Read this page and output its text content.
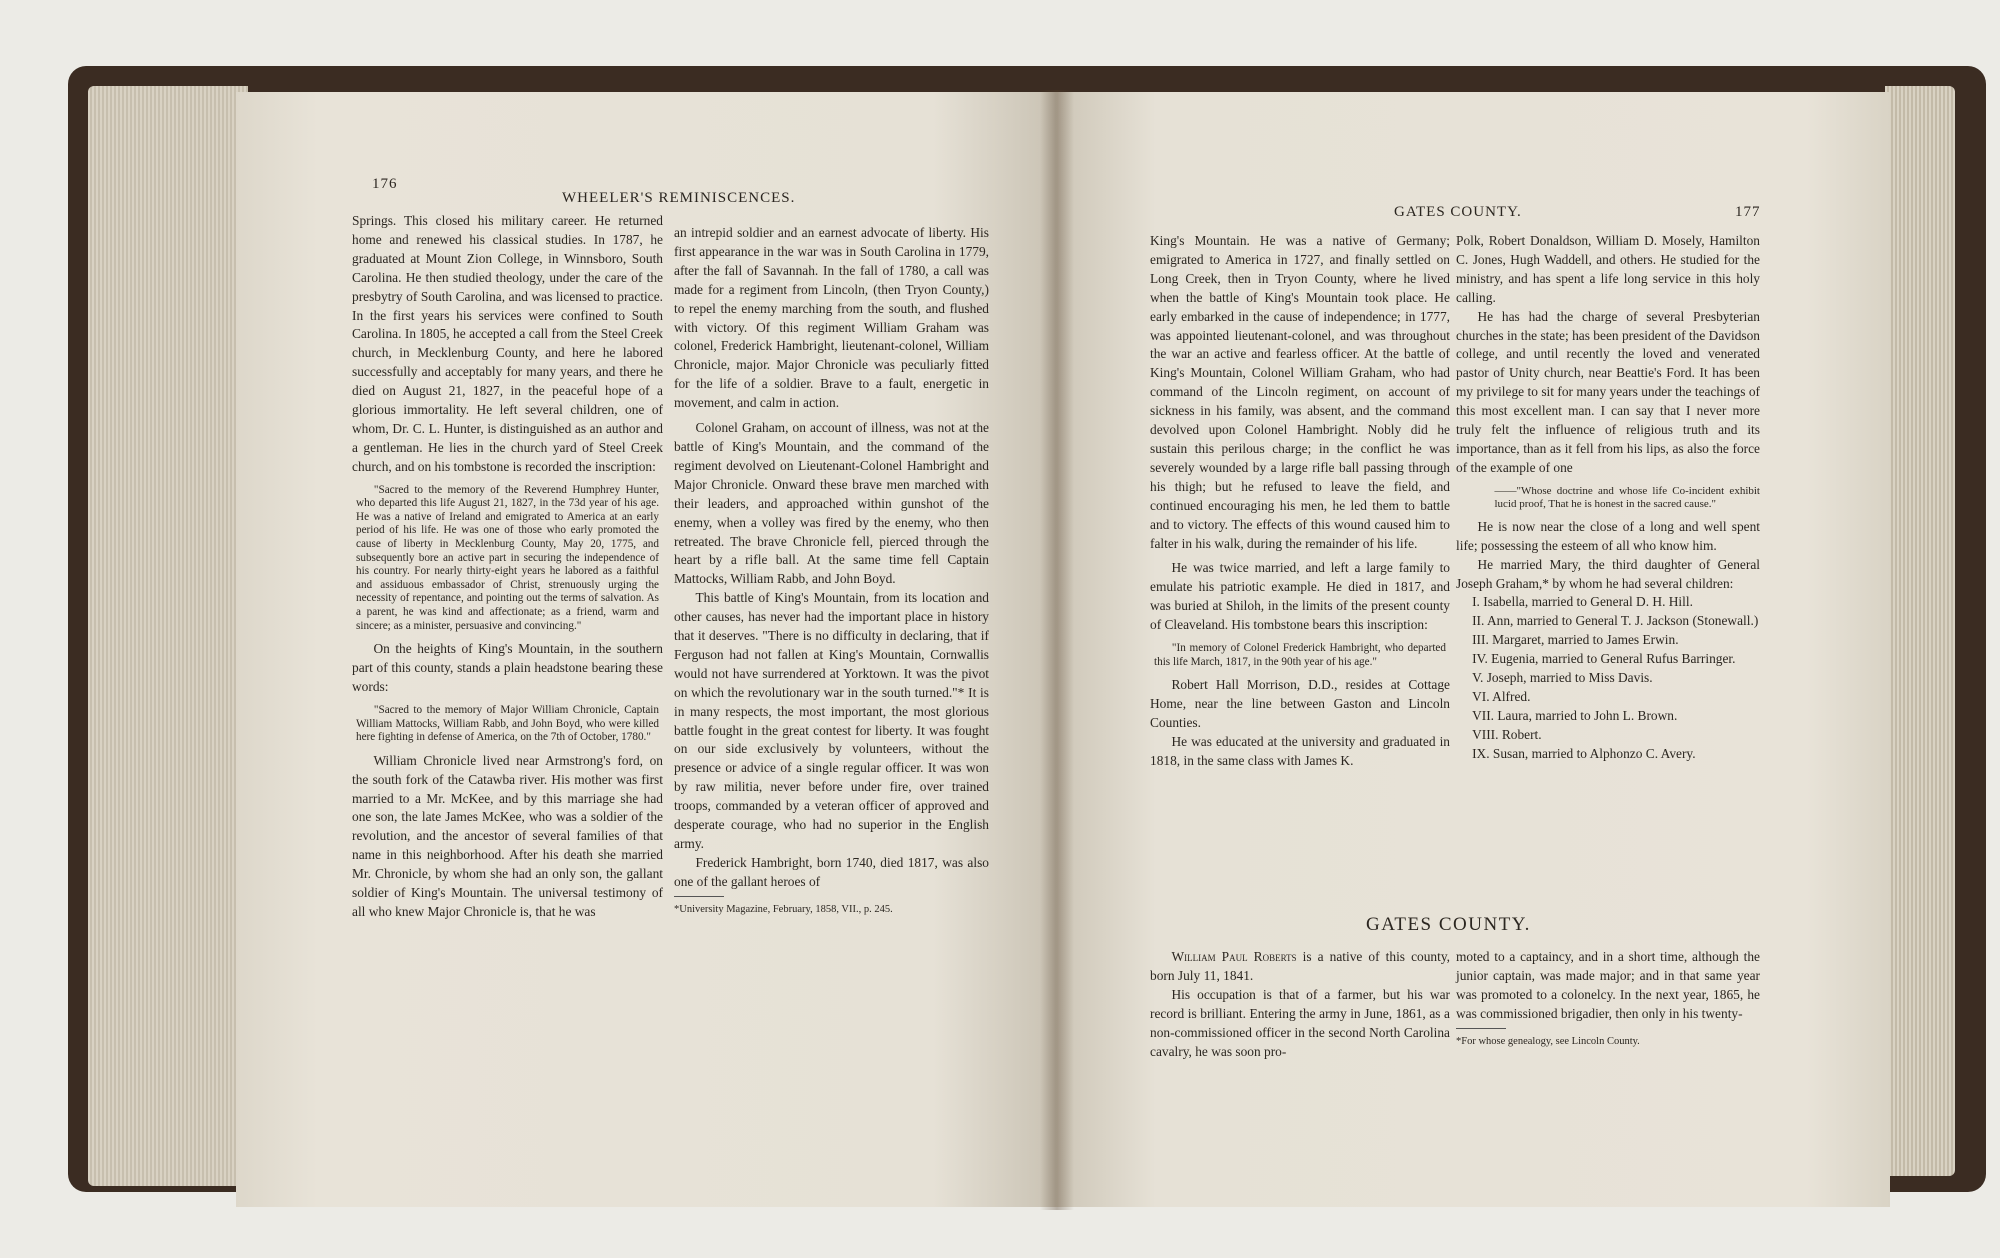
176
WHEELER'S REMINISCENCES.

Springs. This closed his military career. He returned home and renewed his classical studies. In 1787, he graduated at Mount Zion College, in Winnsboro, South Carolina. He then studied theology, under the care of the presbytry of South Carolina, and was licensed to practice. In the first years his services were confined to South Carolina. In 1805, he accepted a call from the Steel Creek church, in Mecklenburg County, and here he labored successfully and acceptably for many years, and there he died on August 21, 1827, in the peaceful hope of a glorious immortality. He left several children, one of whom, Dr. C. L. Hunter, is distinguished as an author and a gentleman. He lies in the church yard of Steel Creek church, and on his tombstone is recorded the inscription:

"Sacred to the memory of the Reverend Humphrey Hunter, who departed this life August 21, 1827, in the 73d year of his age. He was a native of Ireland and emigrated to America at an early period of his life. He was one of those who early promoted the cause of liberty in Mecklenburg County, May 20, 1775, and subsequently bore an active part in securing the independence of his country. For nearly thirty-eight years he labored as a faithful and assiduous embassador of Christ, strenuously urging the necessity of repentance, and pointing out the terms of salvation. As a parent, he was kind and affectionate; as a friend, warm and sincere; as a minister, persuasive and convincing."

On the heights of King's Mountain, in the southern part of this county, stands a plain headstone bearing these words:

"Sacred to the memory of Major William Chronicle, Captain William Mattocks, William Rabb, and John Boyd, who were killed here fighting in defense of America, on the 7th of October, 1780."

William Chronicle lived near Armstrong's ford, on the south fork of the Catawba river. His mother was first married to a Mr. McKee, and by this marriage she had one son, the late James McKee, who was a soldier of the revolution, and the ancestor of several families of that name in this neighborhood. After his death she married Mr. Chronicle, by whom she had an only son, the gallant soldier of King's Mountain. The universal testimony of all who knew Major Chronicle is, that he was

an intrepid soldier and an earnest advocate of liberty. His first appearance in the war was in South Carolina in 1779, after the fall of Savannah. In the fall of 1780, a call was made for a regiment from Lincoln, (then Tryon County,) to repel the enemy marching from the south, and flushed with victory. Of this regiment William Graham was colonel, Frederick Hambright, lieutenant-colonel, William Chronicle, major. Major Chronicle was peculiarly fitted for the life of a soldier. Brave to a fault, energetic in movement, and calm in action.

Colonel Graham, on account of illness, was not at the battle of King's Mountain, and the command of the regiment devolved on Lieutenant-Colonel Hambright and Major Chronicle. Onward these brave men marched with their leaders, and approached within gunshot of the enemy, when a volley was fired by the enemy, who then retreated. The brave Chronicle fell, pierced through the heart by a rifle ball. At the same time fell Captain Mattocks, William Rabb, and John Boyd.

This battle of King's Mountain, from its location and other causes, has never had the important place in history that it deserves. "There is no difficulty in declaring, that if Ferguson had not fallen at King's Mountain, Cornwallis would not have surrendered at Yorktown. It was the pivot on which the revolutionary war in the south turned."* It is in many respects, the most important, the most glorious battle fought in the great contest for liberty. It was fought on our side exclusively by volunteers, without the presence or advice of a single regular officer. It was won by raw militia, never before under fire, over trained troops, commanded by a veteran officer of approved and desperate courage, who had no superior in the English army.

Frederick Hambright, born 1740, died 1817, was also one of the gallant heroes of

*University Magazine, February, 1858, VII., p. 245.

GATES COUNTY.	177

King's Mountain. He was a native of Germany; emigrated to America in 1727, and finally settled on Long Creek, then in Tryon County, where he lived when the battle of King's Mountain took place. He early embarked in the cause of independence; in 1777, was appointed lieutenant-colonel, and was throughout the war an active and fearless officer. At the battle of King's Mountain, Colonel William Graham, who had command of the Lincoln regiment, on account of sickness in his family, was absent, and the command devolved upon Colonel Hambright. Nobly did he sustain this perilous charge; in the conflict he was severely wounded by a large rifle ball passing through his thigh; but he refused to leave the field, and continued encouraging his men, he led them to battle and to victory. The effects of this wound caused him to falter in his walk, during the remainder of his life.

He was twice married, and left a large family to emulate his patriotic example. He died in 1817, and was buried at Shiloh, in the limits of the present county of Cleaveland. His tombstone bears this inscription:

"In memory of Colonel Frederick Hambright, who departed this life March, 1817, in the 90th year of his age."

Robert Hall Morrison, D.D., resides at Cottage Home, near the line between Gaston and Lincoln Counties.

He was educated at the university and graduated in 1818, in the same class with James K.

Polk, Robert Donaldson, William D. Mosely, Hamilton C. Jones, Hugh Waddell, and others. He studied for the ministry, and has spent a life long service in this holy calling.

He has had the charge of several Presbyterian churches in the state; has been president of the Davidson college, and until recently the loved and venerated pastor of Unity church, near Beattie's Ford. It has been my privilege to sit for many years under the teachings of this most excellent man. I can say that I never more truly felt the influence of religious truth and its importance, than as it fell from his lips, as also the force of the example of one

——"Whose doctrine and whose life Co-incident exhibit lucid proof, That he is honest in the sacred cause."

He is now near the close of a long and well spent life; possessing the esteem of all who know him.

He married Mary, the third daughter of General Joseph Graham,* by whom he had several children:

I. Isabella, married to General D. H. Hill.

II. Ann, married to General T. J. Jackson (Stonewall.)

III. Margaret, married to James Erwin.

IV. Eugenia, married to General Rufus Barringer.

V. Joseph, married to Miss Davis.

VI. Alfred.

VII. Laura, married to John L. Brown.

VIII. Robert.

IX. Susan, married to Alphonzo C. Avery.

GATES COUNTY.

William Paul Roberts is a native of this county, born July 11, 1841.

His occupation is that of a farmer, but his war record is brilliant. Entering the army in June, 1861, as a non-commissioned officer in the second North Carolina cavalry, he was soon pro-

moted to a captaincy, and in a short time, although the junior captain, was made major; and in that same year was promoted to a colonelcy. In the next year, 1865, he was commissioned brigadier, then only in his twenty-

*For whose genealogy, see Lincoln County.
